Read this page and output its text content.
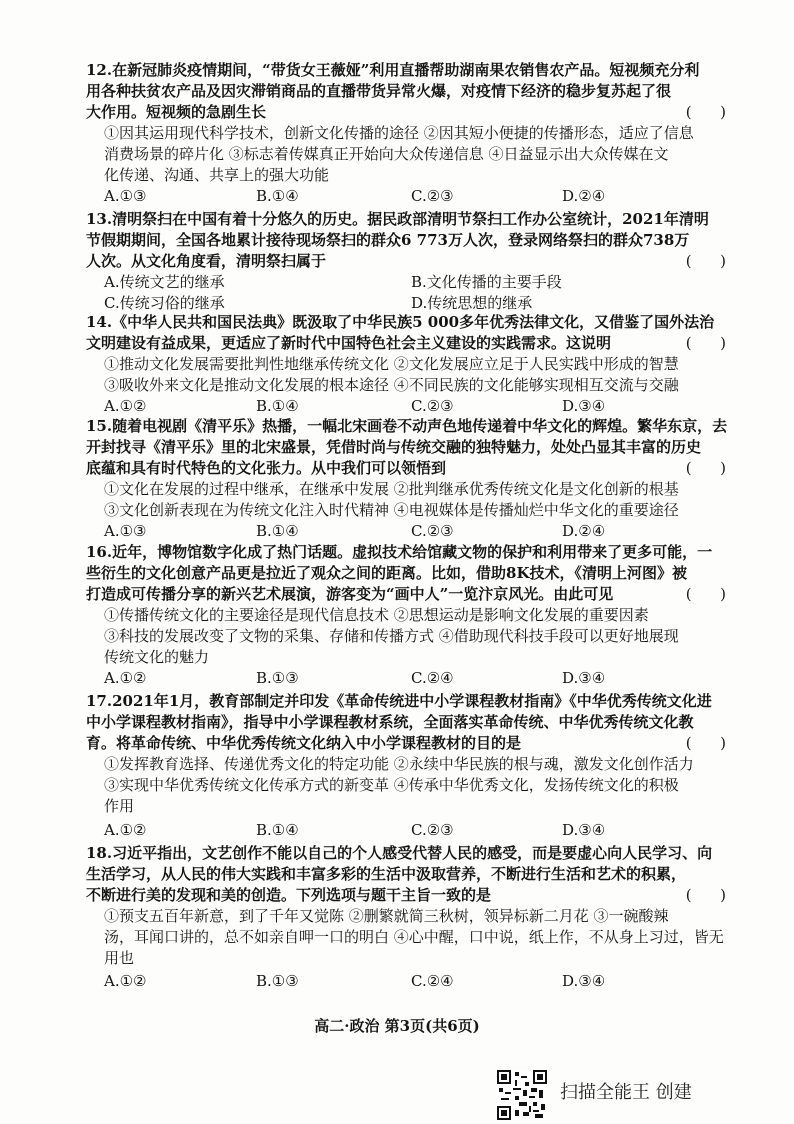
12.在新冠肺炎疫情期间，“带货女王薇娅”利用直播帮助湖南果农销售农产品。短视频充分利
用各种扶贫农产品及因灾滞销商品的直播带货异常火爆，对疫情下经济的稳步复苏起了很
大作用。短视频的急剧生长	(      )
①因其运用现代科学技术，创新文化传播的途径 ②因其短小便捷的传播形态，适应了信息
消费场景的碎片化 ③标志着传媒真正开始向大众传递信息 ④日益显示出大众传媒在文
化传递、沟通、共享上的强大功能
A.①③	B.①④	C.②③	D.②④
13.清明祭扫在中国有着十分悠久的历史。据民政部清明节祭扫工作办公室统计，2021年清明
节假期期间，全国各地累计接待现场祭扫的群众6 773万人次，登录网络祭扫的群众738万
人次。从文化角度看，清明祭扫属于	(      )
A.传统文艺的继承	B.文化传播的主要手段
C.传统习俗的继承	D.传统思想的继承
14.《中华人民共和国民法典》既汲取了中华民族5 000多年优秀法律文化，又借鉴了国外法治
文明建设有益成果，更适应了新时代中国特色社会主义建设的实践需求。这说明	(      )
①推动文化发展需要批判性地继承传统文化 ②文化发展应立足于人民实践中形成的智慧
③吸收外来文化是推动文化发展的根本途径 ④不同民族的文化能够实现相互交流与交融
A.①②	B.①④	C.②③	D.③④
15.随着电视剧《清平乐》热播，一幅北宋画卷不动声色地传递着中华文化的辉煌。繁华东京，去
开封找寻《清平乐》里的北宋盛景，凭借时尚与传统交融的独特魅力，处处凸显其丰富的历史
底蕴和具有时代特色的文化张力。从中我们可以领悟到	(      )
①文化在发展的过程中继承，在继承中发展 ②批判继承优秀传统文化是文化创新的根基
③文化创新表现在为传统文化注入时代精神 ④电视媒体是传播灿烂中华文化的重要途径
A.①③	B.①④	C.②③	D.②④
16.近年，博物馆数字化成了热门话题。虚拟技术给馆藏文物的保护和利用带来了更多可能，一
些衍生的文化创意产品更是拉近了观众之间的距离。比如，借助8K技术，《清明上河图》被
打造成可传播分享的新兴艺术展演，游客变为“画中人”一览汴京风光。由此可见	(      )
①传播传统文化的主要途径是现代信息技术 ②思想运动是影响文化发展的重要因素
③科技的发展改变了文物的采集、存储和传播方式 ④借助现代科技手段可以更好地展现
传统文化的魅力
A.①②	B.①③	C.②④	D.③④
17.2021年1月，教育部制定并印发《革命传统进中小学课程教材指南》《中华优秀传统文化进
中小学课程教材指南》，指导中小学课程教材系统，全面落实革命传统、中华优秀传统文化教
育。将革命传统、中华优秀传统文化纳入中小学课程教材的目的是	(      )
①发挥教育选择、传递优秀文化的特定功能 ②永续中华民族的根与魂，激发文化创作活力
③实现中华优秀传统文化传承方式的新变革 ④传承中华优秀文化，发扬传统文化的积极
作用
A.①②	B.①④	C.②③	D.③④
18.习近平指出，文艺创作不能以自己的个人感受代替人民的感受，而是要虚心向人民学习、向
生活学习，从人民的伟大实践和丰富多彩的生活中汲取营养，不断进行生活和艺术的积累，
不断进行美的发现和美的创造。下列选项与题干主旨一致的是	(      )
①预支五百年新意，到了千年又觉陈 ②删繁就简三秋树，领异标新二月花 ③一碗酸辣
汤，耳闻口讲的，总不如亲自呷一口的明白 ④心中醒，口中说，纸上作，不从身上习过，皆无
用也
A.①②	B.①③	C.②④	D.③④
高二·政治 第3页(共6页)
扫描全能王 创建
